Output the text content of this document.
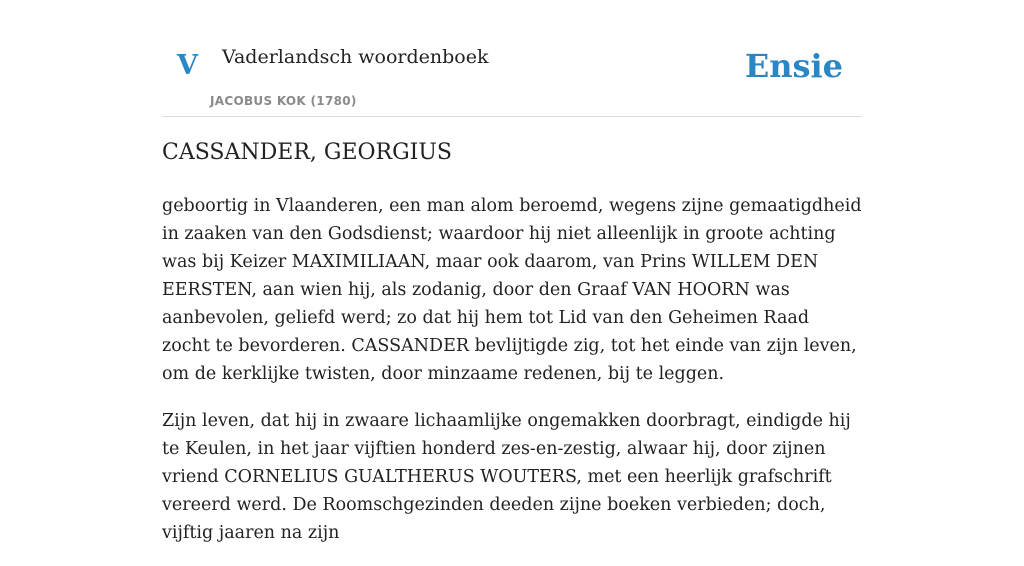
V Vaderlandsch woordenboek
JACOBUS KOK (1780)
Ensie
CASSANDER, GEORGIUS

geboortig in Vlaanderen, een man alom beroemd, wegens zijne gemaatigdheid in zaaken van den Godsdienst; waardoor hij niet alleenlijk in groote achting was bij Keizer MAXIMILIAAN, maar ook daarom, van Prins WILLEM DEN EERSTEN, aan wien hij, als zodanig, door den Graaf VAN HOORN was aanbevolen, geliefd werd; zo dat hij hem tot Lid van den Geheimen Raad zocht te bevorderen. CASSANDER bevlijtigde zig, tot het einde van zijn leven, om de kerklijke twisten, door minzaame redenen, bij te leggen.

Zijn leven, dat hij in zwaare lichaamlijke ongemakken doorbragt, eindigde hij te Keulen, in het jaar vijftien honderd zes-en-zestig, alwaar hij, door zijnen vriend CORNELIUS GUALTHERUS WOUTERS, met een heerlijk grafschrift vereerd werd. De Roomschgezinden deeden zijne boeken verbieden; doch, vijftig jaaren na zijn
